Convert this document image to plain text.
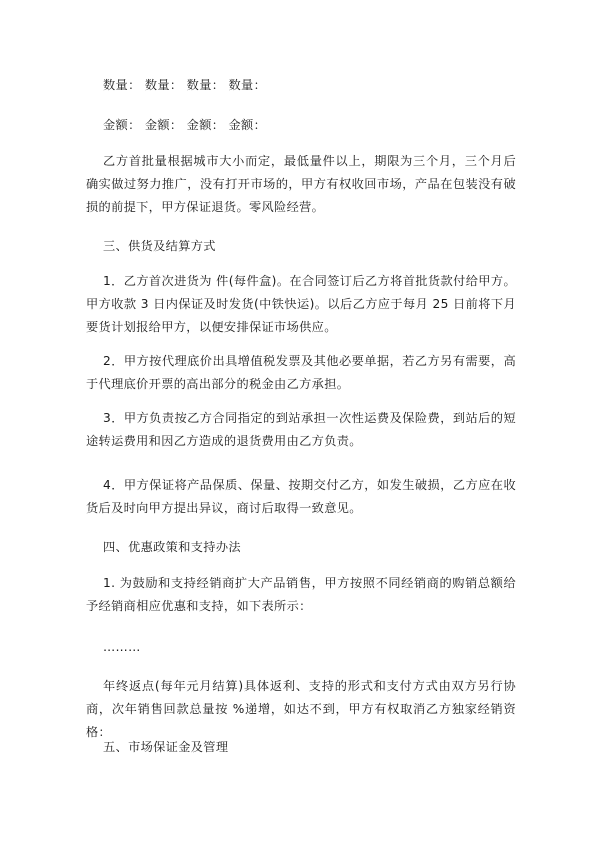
数量： 数量： 数量： 数量：
金额： 金额： 金额： 金额：
乙方首批量根据城市大小而定，最低量件以上，期限为三个月，三个月后确实做过努力推广，没有打开市场的，甲方有权收回市场，产品在包装没有破损的前提下，甲方保证退货。零风险经营。
三、供货及结算方式
1．乙方首次进货为 件(每件盒)。在合同签订后乙方将首批货款付给甲方。甲方收款 3 日内保证及时发货(中铁快运)。以后乙方应于每月 25 日前将下月要货计划报给甲方，以便安排保证市场供应。
2．甲方按代理底价出具增值税发票及其他必要单据，若乙方另有需要，高于代理底价开票的高出部分的税金由乙方承担。
3．甲方负责按乙方合同指定的到站承担一次性运费及保险费，到站后的短途转运费用和因乙方造成的退货费用由乙方负责。
4．甲方保证将产品保质、保量、按期交付乙方，如发生破损，乙方应在收货后及时向甲方提出异议，商讨后取得一致意见。
四、优惠政策和支持办法
1. 为鼓励和支持经销商扩大产品销售，甲方按照不同经销商的购销总额给予经销商相应优惠和支持，如下表所示：
………
年终返点(每年元月结算)具体返利、支持的形式和支付方式由双方另行协商，次年销售回款总量按 %递增，如达不到，甲方有权取消乙方独家经销资格：
五、市场保证金及管理
